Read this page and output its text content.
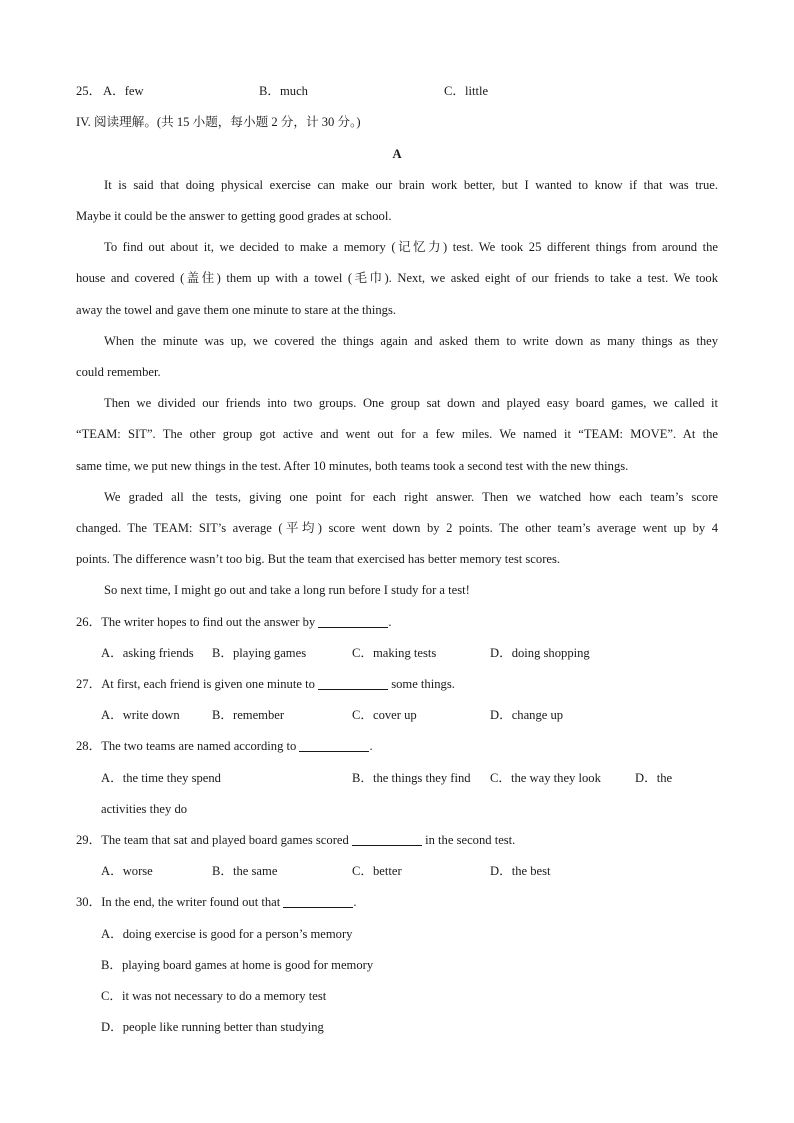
25． A．few	B．much	C．little
IV. 阅读理解。(共 15 小题，每小题 2 分，计 30 分。)
A
It is said that doing physical exercise can make our brain work better, but I wanted to know if that was true.
Maybe it could be the answer to getting good grades at school.
To find out about it, we decided to make a memory (记忆力) test. We took 25 different things from around the
house and covered (盖住) them up with a towel (毛巾). Next, we asked eight of our friends to take a test. We took
away the towel and gave them one minute to stare at the things.
When the minute was up, we covered the things again and asked them to write down as many things as they
could remember.
Then we divided our friends into two groups. One group sat down and played easy board games, we called it
“TEAM: SIT”. The other group got active and went out for a few miles. We named it “TEAM: MOVE”. At the
same time, we put new things in the test. After 10 minutes, both teams took a second test with the new things.
We graded all the tests, giving one point for each right answer. Then we watched how each team’s score
changed. The TEAM: SIT’s average (平均) score went down by 2 points. The other team’s average went up by 4
points. The difference wasn’t too big. But the team that exercised has better memory test scores.
So next time, I might go out and take a long run before I study for a test!
26．The writer hopes to find out the answer by	.
A．asking friends B．playing games	C．making tests	D．doing shopping
27．At first, each friend is given one minute to	some things.
A．write down	B．remember	C．cover up	D．change up
28．The two teams are named according to	.
A．the time they spend	B．the things they find C．the way they look	D．the
activities they do
29．The team that sat and played board games scored	in the second test.
A．worse	B．the same	C．better	D．the best
30．In the end, the writer found out that	.
A．doing exercise is good for a person’s memory
B．playing board games at home is good for memory
C．it was not necessary to do a memory test
D．people like running better than studying
